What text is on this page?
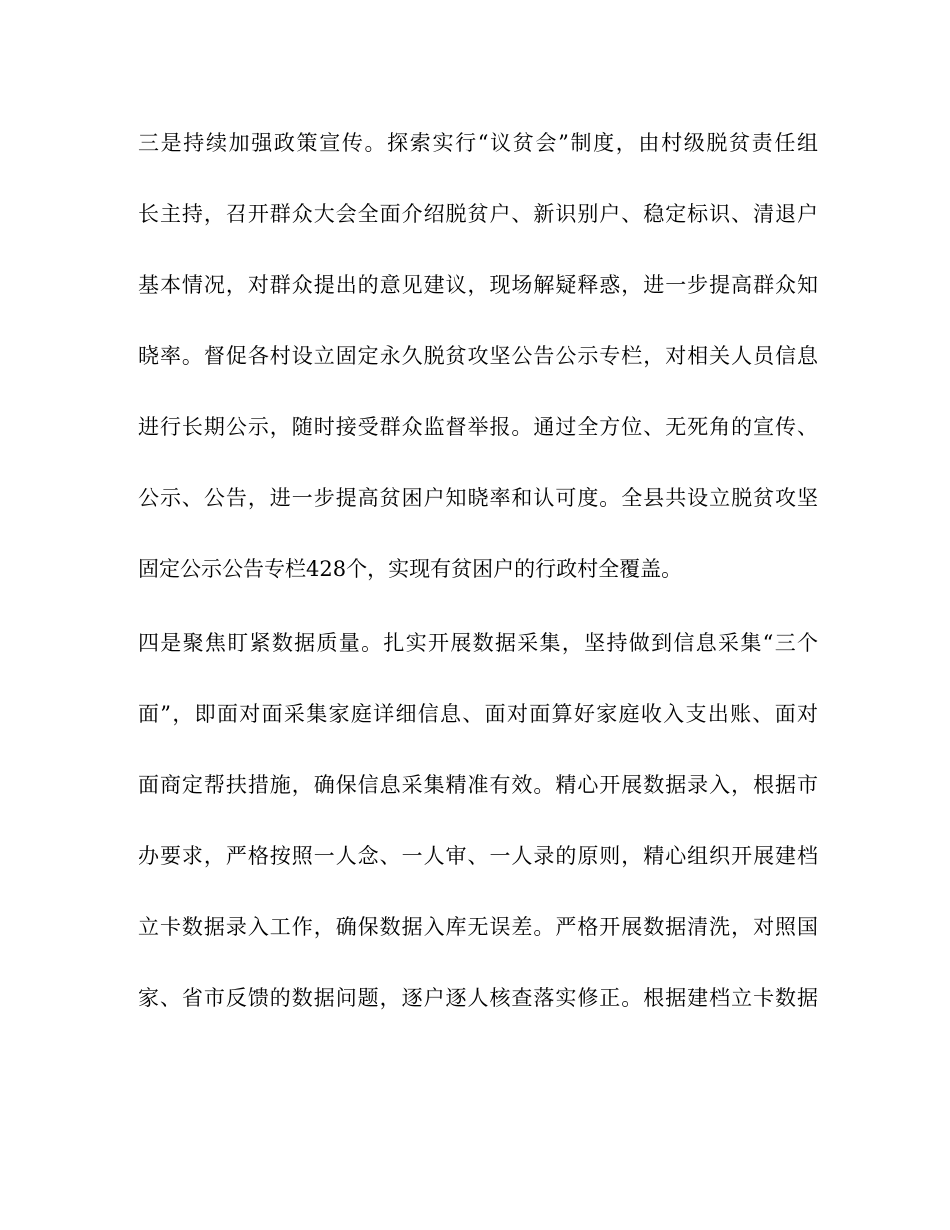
三是持续加强政策宣传。探索实行“议贫会”制度，由村级脱贫责任组
长主持，召开群众大会全面介绍脱贫户、新识别户、稳定标识、清退户
基本情况，对群众提出的意见建议，现场解疑释惑，进一步提高群众知
晓率。督促各村设立固定永久脱贫攻坚公告公示专栏，对相关人员信息
进行长期公示，随时接受群众监督举报。通过全方位、无死角的宣传、
公示、公告，进一步提高贫困户知晓率和认可度。全县共设立脱贫攻坚
固定公示公告专栏428个，实现有贫困户的行政村全覆盖。
四是聚焦盯紧数据质量。扎实开展数据采集，坚持做到信息采集“三个
面”，即面对面采集家庭详细信息、面对面算好家庭收入支出账、面对
面商定帮扶措施，确保信息采集精准有效。精心开展数据录入，根据市
办要求，严格按照一人念、一人审、一人录的原则，精心组织开展建档
立卡数据录入工作，确保数据入库无误差。严格开展数据清洗，对照国
家、省市反馈的数据问题，逐户逐人核查落实修正。根据建档立卡数据
